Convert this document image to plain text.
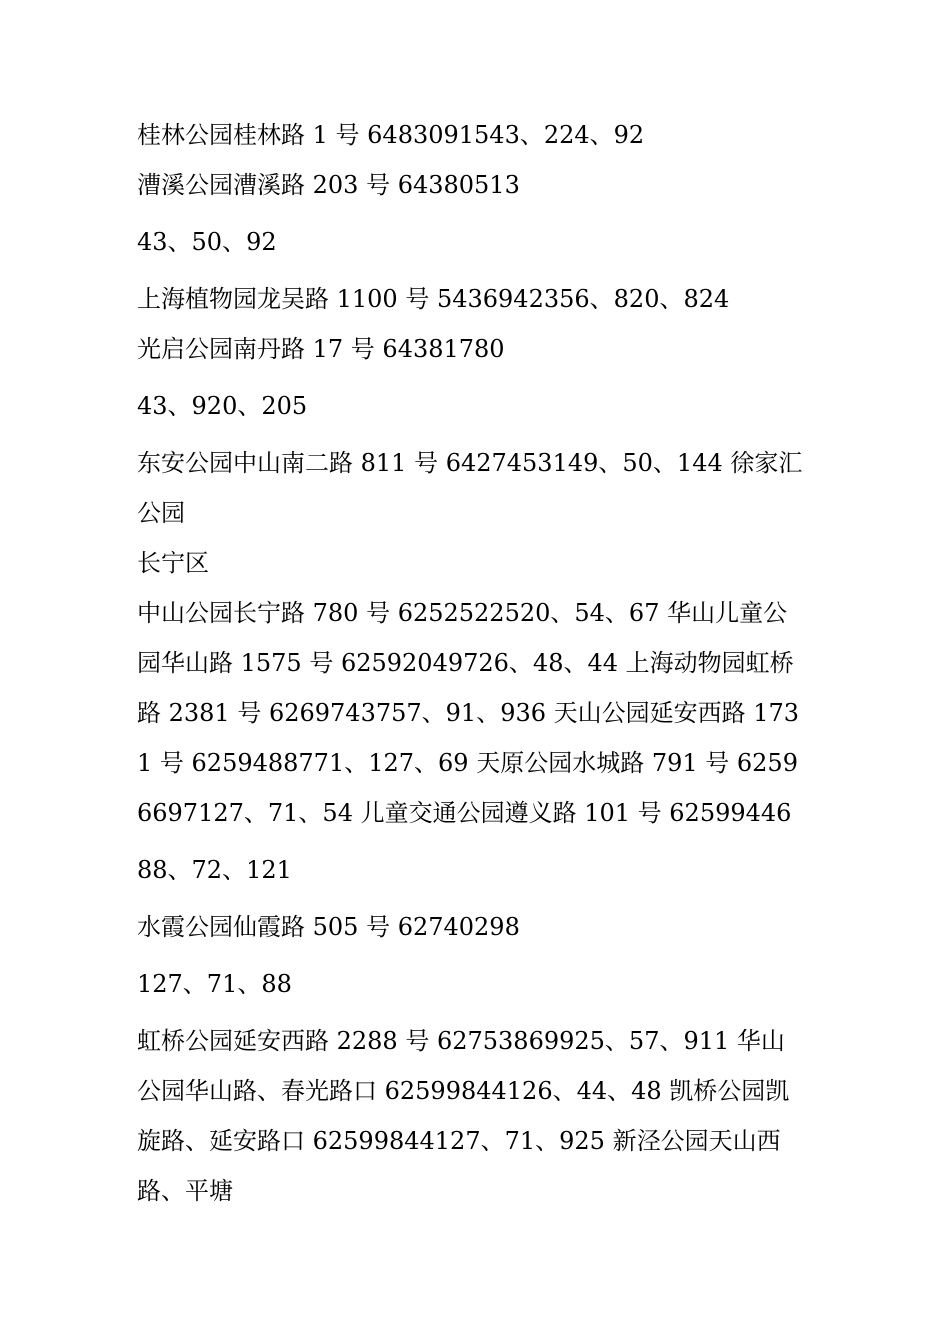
桂林公园桂林路 1 号 6483091543、224、92

漕溪公园漕溪路 203 号 64380513

43、50、92

上海植物园龙吴路 1100 号 5436942356、820、824

光启公园南丹路 17 号 64381780

43、920、205

东安公园中山南二路 811 号 6427453149、50、144 徐家汇公园

长宁区

中山公园长宁路 780 号 6252522520、54、67 华山儿童公园华山路 1575 号 62592049726、48、44 上海动物园虹桥路 2381 号 6269743757、91、936 天山公园延安西路 1731 号 6259488771、127、69 天原公园水城路 791 号 62596697127、71、54 儿童交通公园遵义路 101 号 62599446

88、72、121

水霞公园仙霞路 505 号 62740298

127、71、88

虹桥公园延安西路 2288 号 62753869925、57、911 华山公园华山路、春光路口 62599844126、44、48 凯桥公园凯旋路、延安路口 62599844127、71、925 新泾公园天山西路、平塘
